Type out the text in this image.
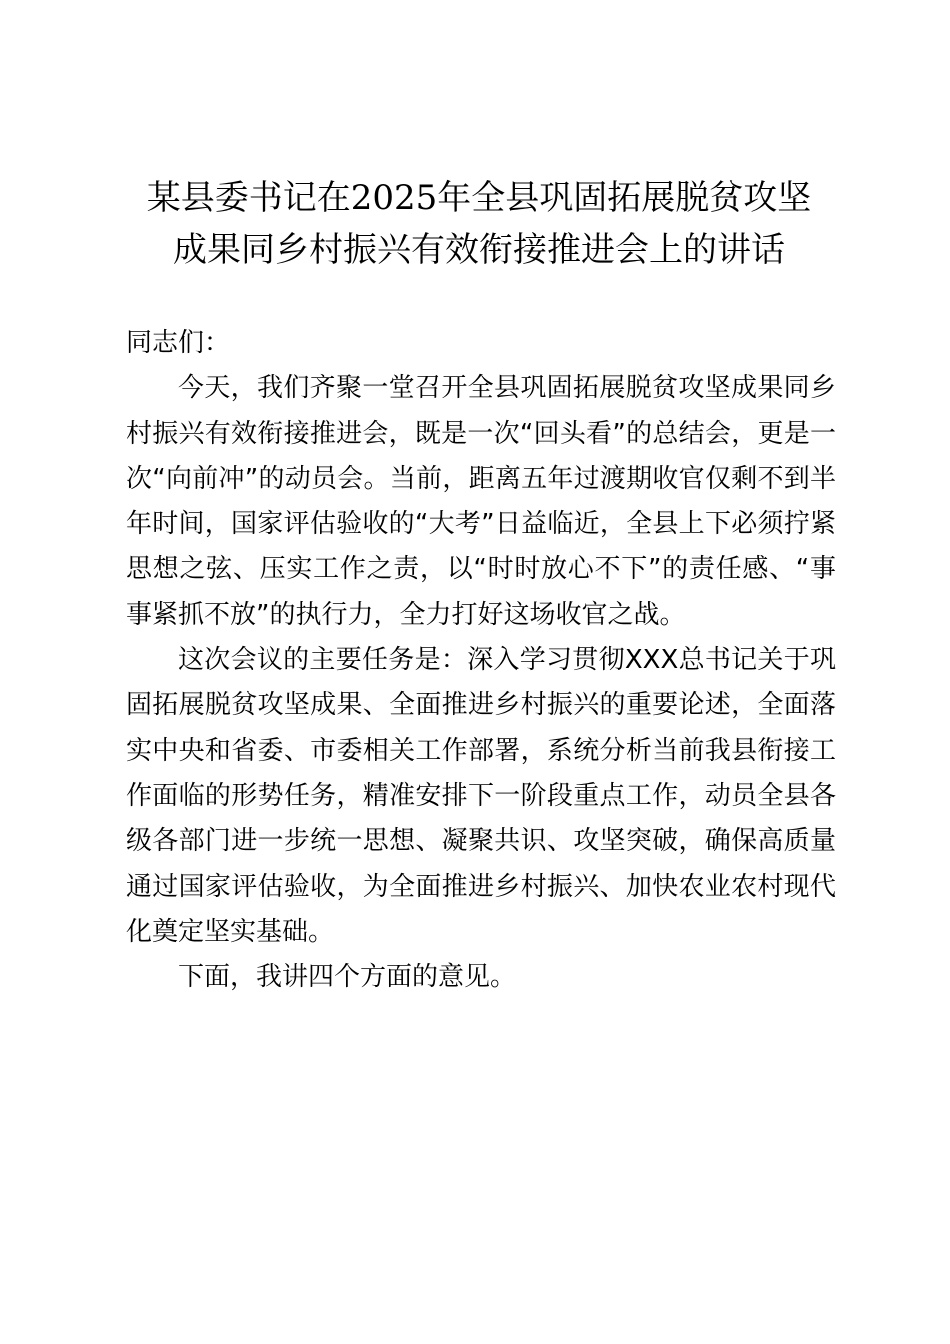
某县委书记在2025年全县巩固拓展脱贫攻坚
成果同乡村振兴有效衔接推进会上的讲话

同志们：

今天，我们齐聚一堂召开全县巩固拓展脱贫攻坚成果同乡村振兴有效衔接推进会，既是一次“回头看”的总结会，更是一次“向前冲”的动员会。当前，距离五年过渡期收官仅剩不到半年时间，国家评估验收的“大考”日益临近，全县上下必须拧紧思想之弦、压实工作之责，以“时时放心不下”的责任感、“事事紧抓不放”的执行力，全力打好这场收官之战。

这次会议的主要任务是：深入学习贯彻XXX总书记关于巩固拓展脱贫攻坚成果、全面推进乡村振兴的重要论述，全面落实中央和省委、市委相关工作部署，系统分析当前我县衔接工作面临的形势任务，精准安排下一阶段重点工作，动员全县各级各部门进一步统一思想、凝聚共识、攻坚突破，确保高质量通过国家评估验收，为全面推进乡村振兴、加快农业农村现代化奠定坚实基础。

下面，我讲四个方面的意见。
